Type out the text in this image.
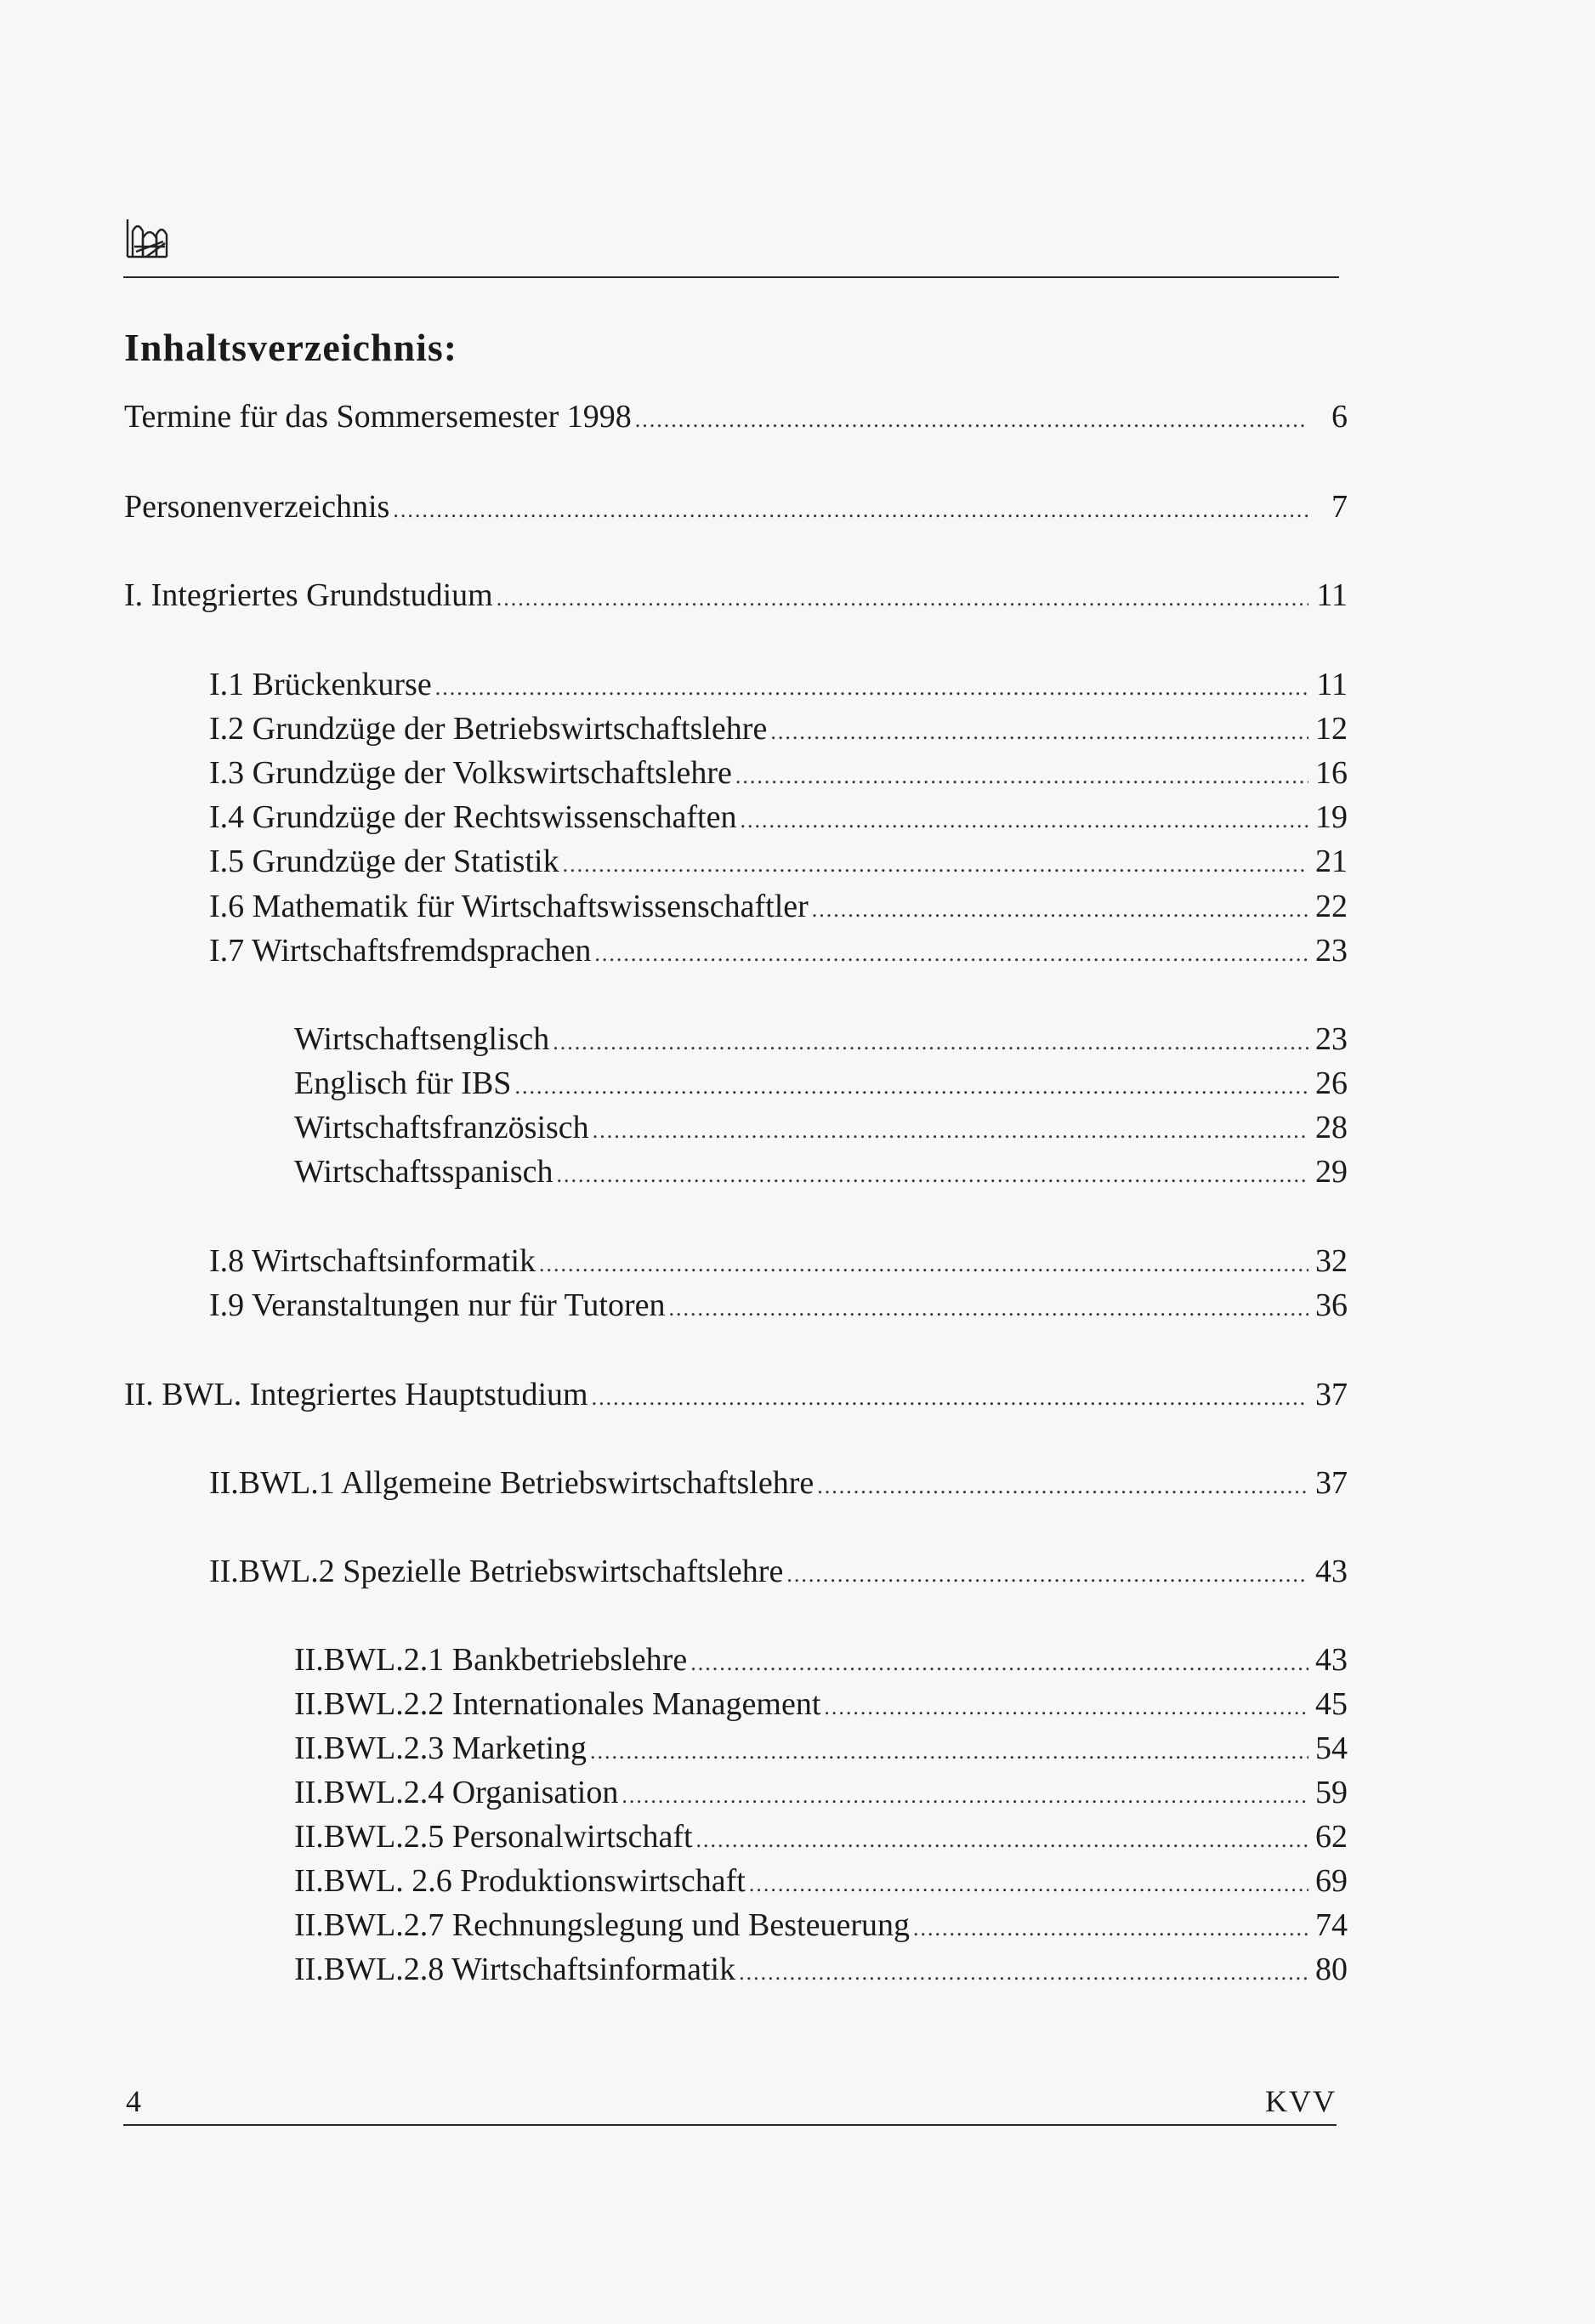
Inhaltsverzeichnis:
Termine für das Sommersemester 1998 .....	6
Personenverzeichnis .....	7
I. Integriertes Grundstudium .....	11
I.1 Brückenkurse .....	11
I.2 Grundzüge der Betriebswirtschaftslehre .....	12
I.3 Grundzüge der Volkswirtschaftslehre .....	16
I.4 Grundzüge der Rechtswissenschaften .....	19
I.5 Grundzüge der Statistik .....	21
I.6 Mathematik für Wirtschaftswissenschaftler .....	22
I.7 Wirtschaftsfremdsprachen .....	23
Wirtschaftsenglisch .....	23
Englisch für IBS .....	26
Wirtschaftsfranzösisch .....	28
Wirtschaftsspanisch .....	29
I.8 Wirtschaftsinformatik .....	32
I.9 Veranstaltungen nur für Tutoren .....	36
II. BWL. Integriertes Hauptstudium .....	37
II.BWL.1 Allgemeine Betriebswirtschaftslehre .....	37
II.BWL.2 Spezielle Betriebswirtschaftslehre .....	43
II.BWL.2.1 Bankbetriebslehre .....	43
II.BWL.2.2 Internationales Management .....	45
II.BWL.2.3 Marketing .....	54
II.BWL.2.4 Organisation .....	59
II.BWL.2.5 Personalwirtschaft .....	62
II.BWL. 2.6 Produktionswirtschaft .....	69
II.BWL.2.7 Rechnungslegung und Besteuerung .....	74
II.BWL.2.8 Wirtschaftsinformatik .....	80
4	KVV
